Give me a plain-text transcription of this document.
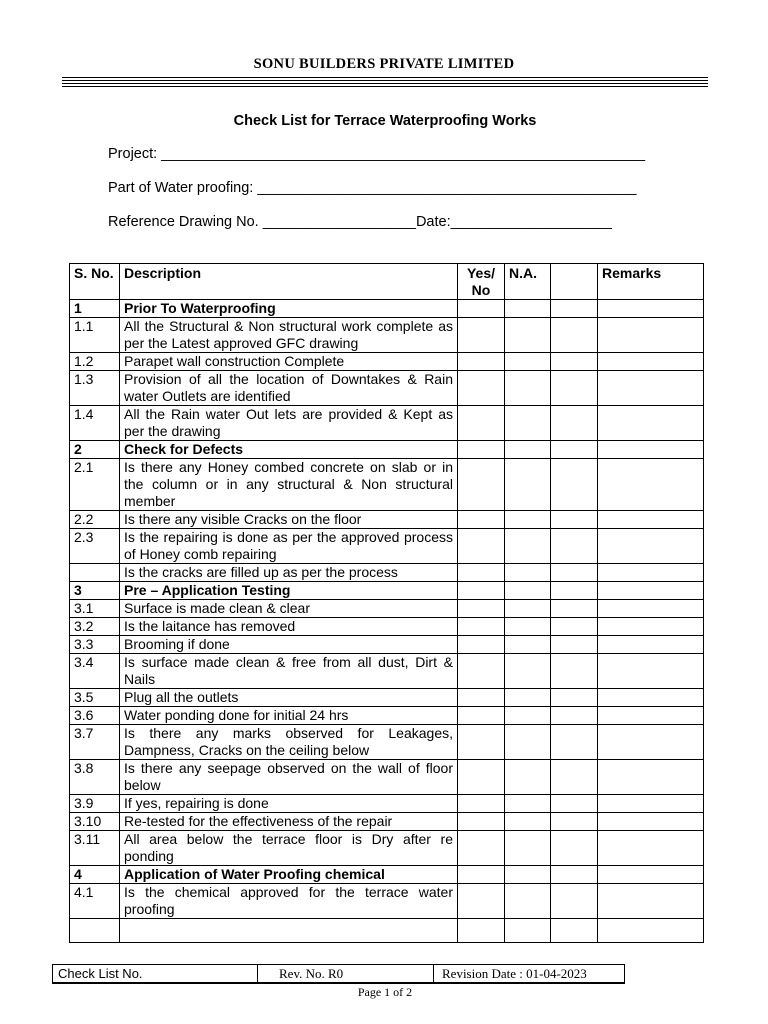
SONU BUILDERS PRIVATE LIMITED
Check List for Terrace Waterproofing Works
Project: ____________________________________________________________
Part of Water proofing: _______________________________________________
Reference Drawing No. ___________________Date:____________________
S. No.	Description	Yes/ No	N.A.		Remarks
1	Prior To Waterproofing				
1.1	All the Structural & Non structural work complete as per the Latest approved GFC drawing				
1.2	Parapet wall construction Complete				
1.3	Provision of all the location of Downtakes & Rain water Outlets are identified				
1.4	All the Rain water Out lets are provided & Kept as per the drawing				
2	Check for Defects				
2.1	Is there any Honey combed concrete on slab or in the column or in any structural & Non structural member				
2.2	Is there any visible Cracks on the floor				
2.3	Is the repairing is done as per the approved process of Honey comb repairing				
	Is the cracks are filled up as per the process				
3	Pre – Application Testing				
3.1	Surface is made clean & clear				
3.2	Is the laitance has removed				
3.3	Brooming if done				
3.4	Is surface made clean & free from all dust, Dirt & Nails				
3.5	Plug all the outlets				
3.6	Water ponding done for initial 24 hrs				
3.7	Is there any marks observed for Leakages, Dampness, Cracks on the ceiling below				
3.8	Is there any seepage observed on the wall of floor below				
3.9	If yes, repairing is done				
3.10	Re-tested for the effectiveness of the repair				
3.11	All area below the terrace floor is Dry after re ponding				
4	Application of Water Proofing chemical				
4.1	Is the chemical approved for the terrace water proofing				

Check List No.	Rev. No. R0	Revision Date : 01-04-2023
Page 1 of 2
